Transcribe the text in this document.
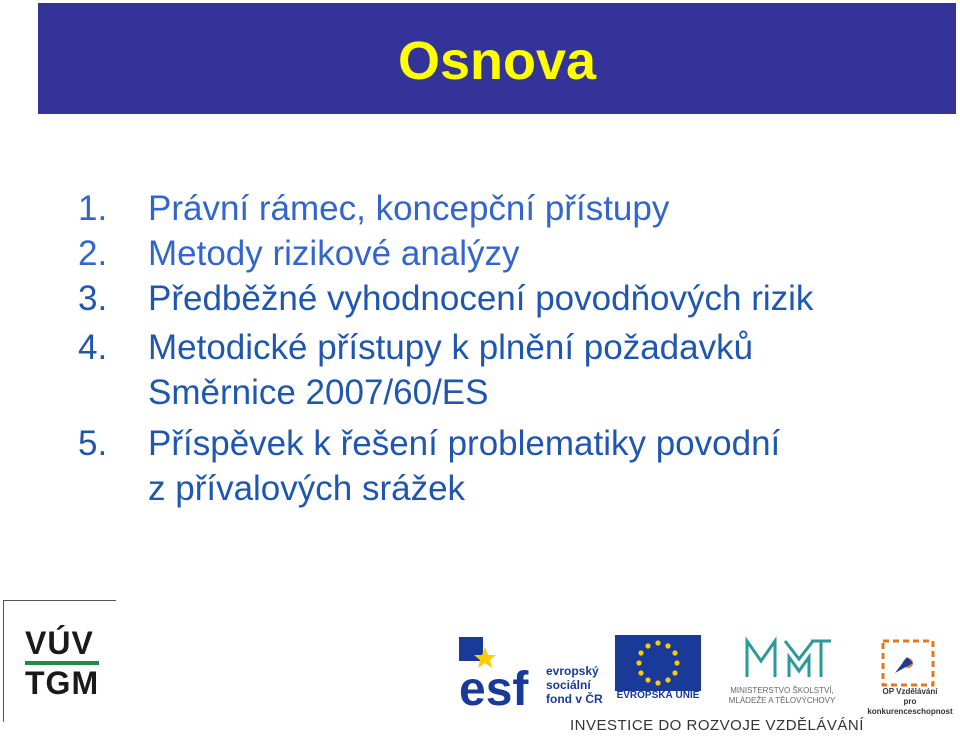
Osnova
1. Právní rámec, koncepční přístupy
2. Metody rizikové analýzy
3. Předběžné vyhodnocení povodňových rizik
4. Metodické přístupy k plnění požadavků
Směrnice 2007/60/ES
5. Příspěvek k řešení problematiky povodní
z přívalových srážek
VÚV
TGM	esf evropský
sociální
fond v ČR EVROPSKÁ UNIE	MINISTERSTVO ŠKOLSTVÍ,
MLÁDEŽE A TĚLOVÝCHOVY
OP Vzdělávání
pro konkurenceschopnost
INVESTICE DO ROZVOJE VZDĚLÁVÁNÍ
